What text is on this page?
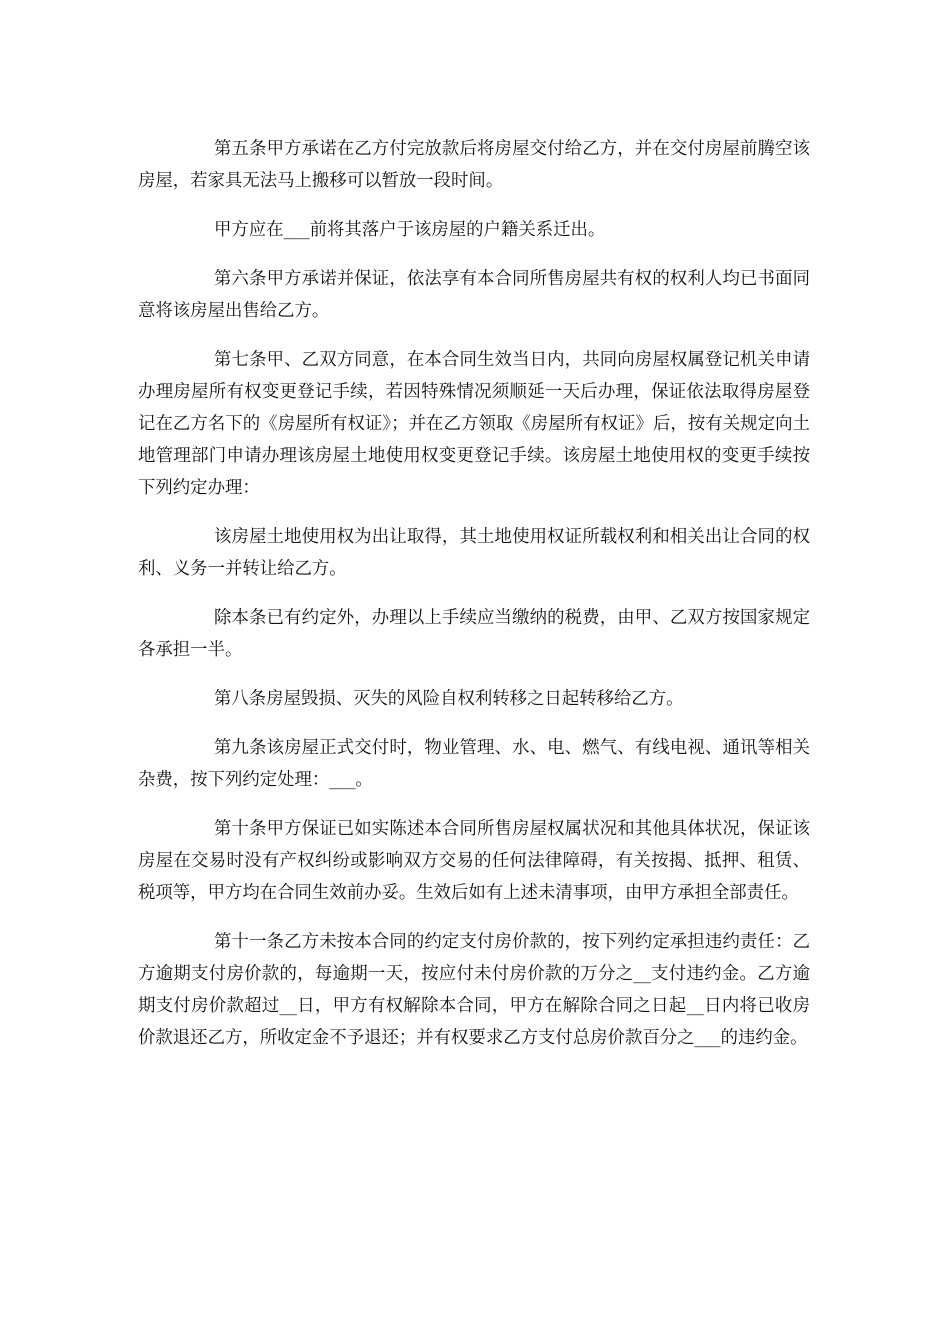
第五条甲方承诺在乙方付完放款后将房屋交付给乙方，并在交付房屋前腾空该房屋，若家具无法马上搬移可以暂放一段时间。

甲方应在___前将其落户于该房屋的户籍关系迁出。

第六条甲方承诺并保证，依法享有本合同所售房屋共有权的权利人均已书面同意将该房屋出售给乙方。

第七条甲、乙双方同意，在本合同生效当日内，共同向房屋权属登记机关申请办理房屋所有权变更登记手续，若因特殊情况须顺延一天后办理，保证依法取得房屋登记在乙方名下的《房屋所有权证》；并在乙方领取《房屋所有权证》后，按有关规定向土地管理部门申请办理该房屋土地使用权变更登记手续。该房屋土地使用权的变更手续按下列约定办理：

该房屋土地使用权为出让取得，其土地使用权证所载权利和相关出让合同的权利、义务一并转让给乙方。

除本条已有约定外，办理以上手续应当缴纳的税费，由甲、乙双方按国家规定各承担一半。

第八条房屋毁损、灭失的风险自权利转移之日起转移给乙方。

第九条该房屋正式交付时，物业管理、水、电、燃气、有线电视、通讯等相关杂费，按下列约定处理：___。

第十条甲方保证已如实陈述本合同所售房屋权属状况和其他具体状况，保证该房屋在交易时没有产权纠纷或影响双方交易的任何法律障碍，有关按揭、抵押、租赁、税项等，甲方均在合同生效前办妥。生效后如有上述未清事项，由甲方承担全部责任。

第十一条乙方未按本合同的约定支付房价款的，按下列约定承担违约责任：乙方逾期支付房价款的，每逾期一天，按应付未付房价款的万分之__支付违约金。乙方逾期支付房价款超过__日，甲方有权解除本合同，甲方在解除合同之日起__日内将已收房价款退还乙方，所收定金不予退还；并有权要求乙方支付总房价款百分之___的违约金。
